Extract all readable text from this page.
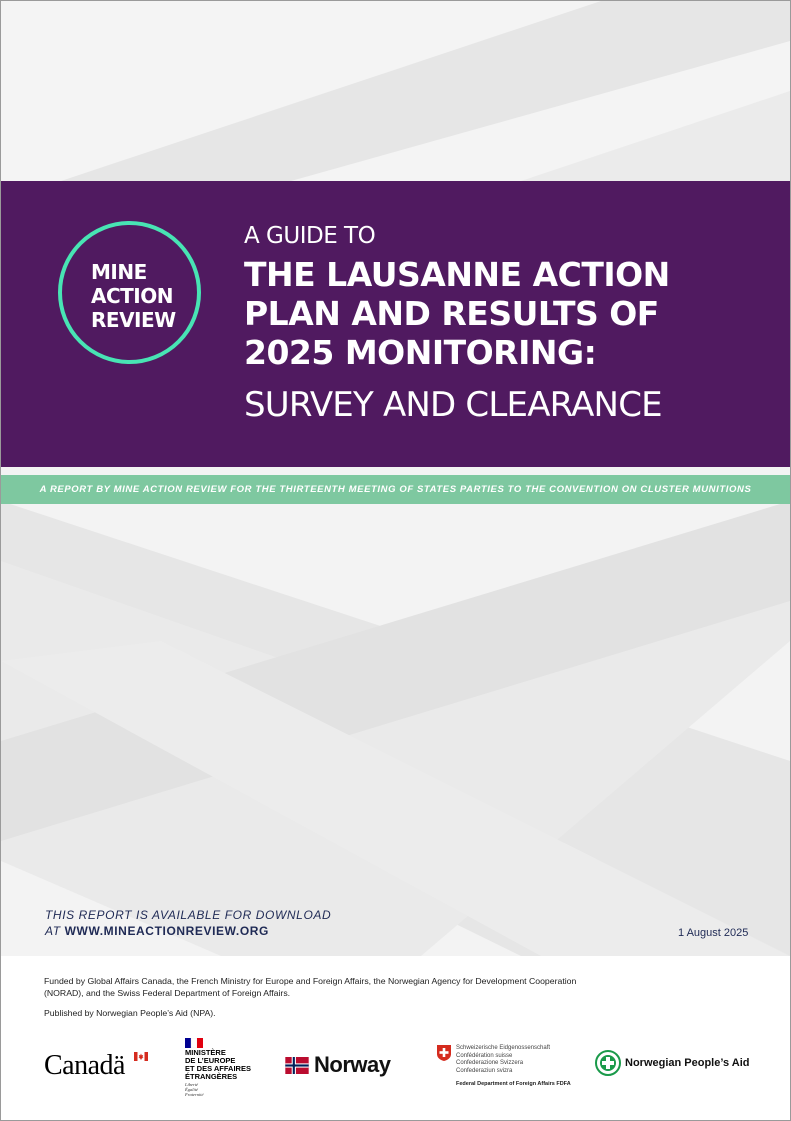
MINE
ACTION
REVIEW
A GUIDE TO
THE LAUSANNE ACTION
PLAN AND RESULTS OF
2025 MONITORING:
SURVEY AND CLEARANCE
A REPORT BY MINE ACTION REVIEW FOR THE THIRTEENTH MEETING OF STATES PARTIES TO THE CONVENTION ON CLUSTER MUNITIONS
THIS REPORT IS AVAILABLE FOR DOWNLOAD
AT WWW.MINEACTIONREVIEW.ORG	1 August 2025
Funded by Global Affairs Canada, the French Ministry for Europe and Foreign Affairs, the Norwegian Agency for Development Cooperation (NORAD), and the Swiss Federal Department of Foreign Affairs.
Published by Norwegian People’s Aid (NPA).
Canadä	MINISTÈRE
DE L’EUROPE
ET DES AFFAIRES
ÉTRANGÈRES
Liberté
Égalité
Fraternité
Norway
Schweizerische Eidgenossenschaft
Confédération suisse
Confederazione Svizzera
Confederaziun svizra
Federal Department of Foreign Affairs FDFA
Norwegian People’s Aid
